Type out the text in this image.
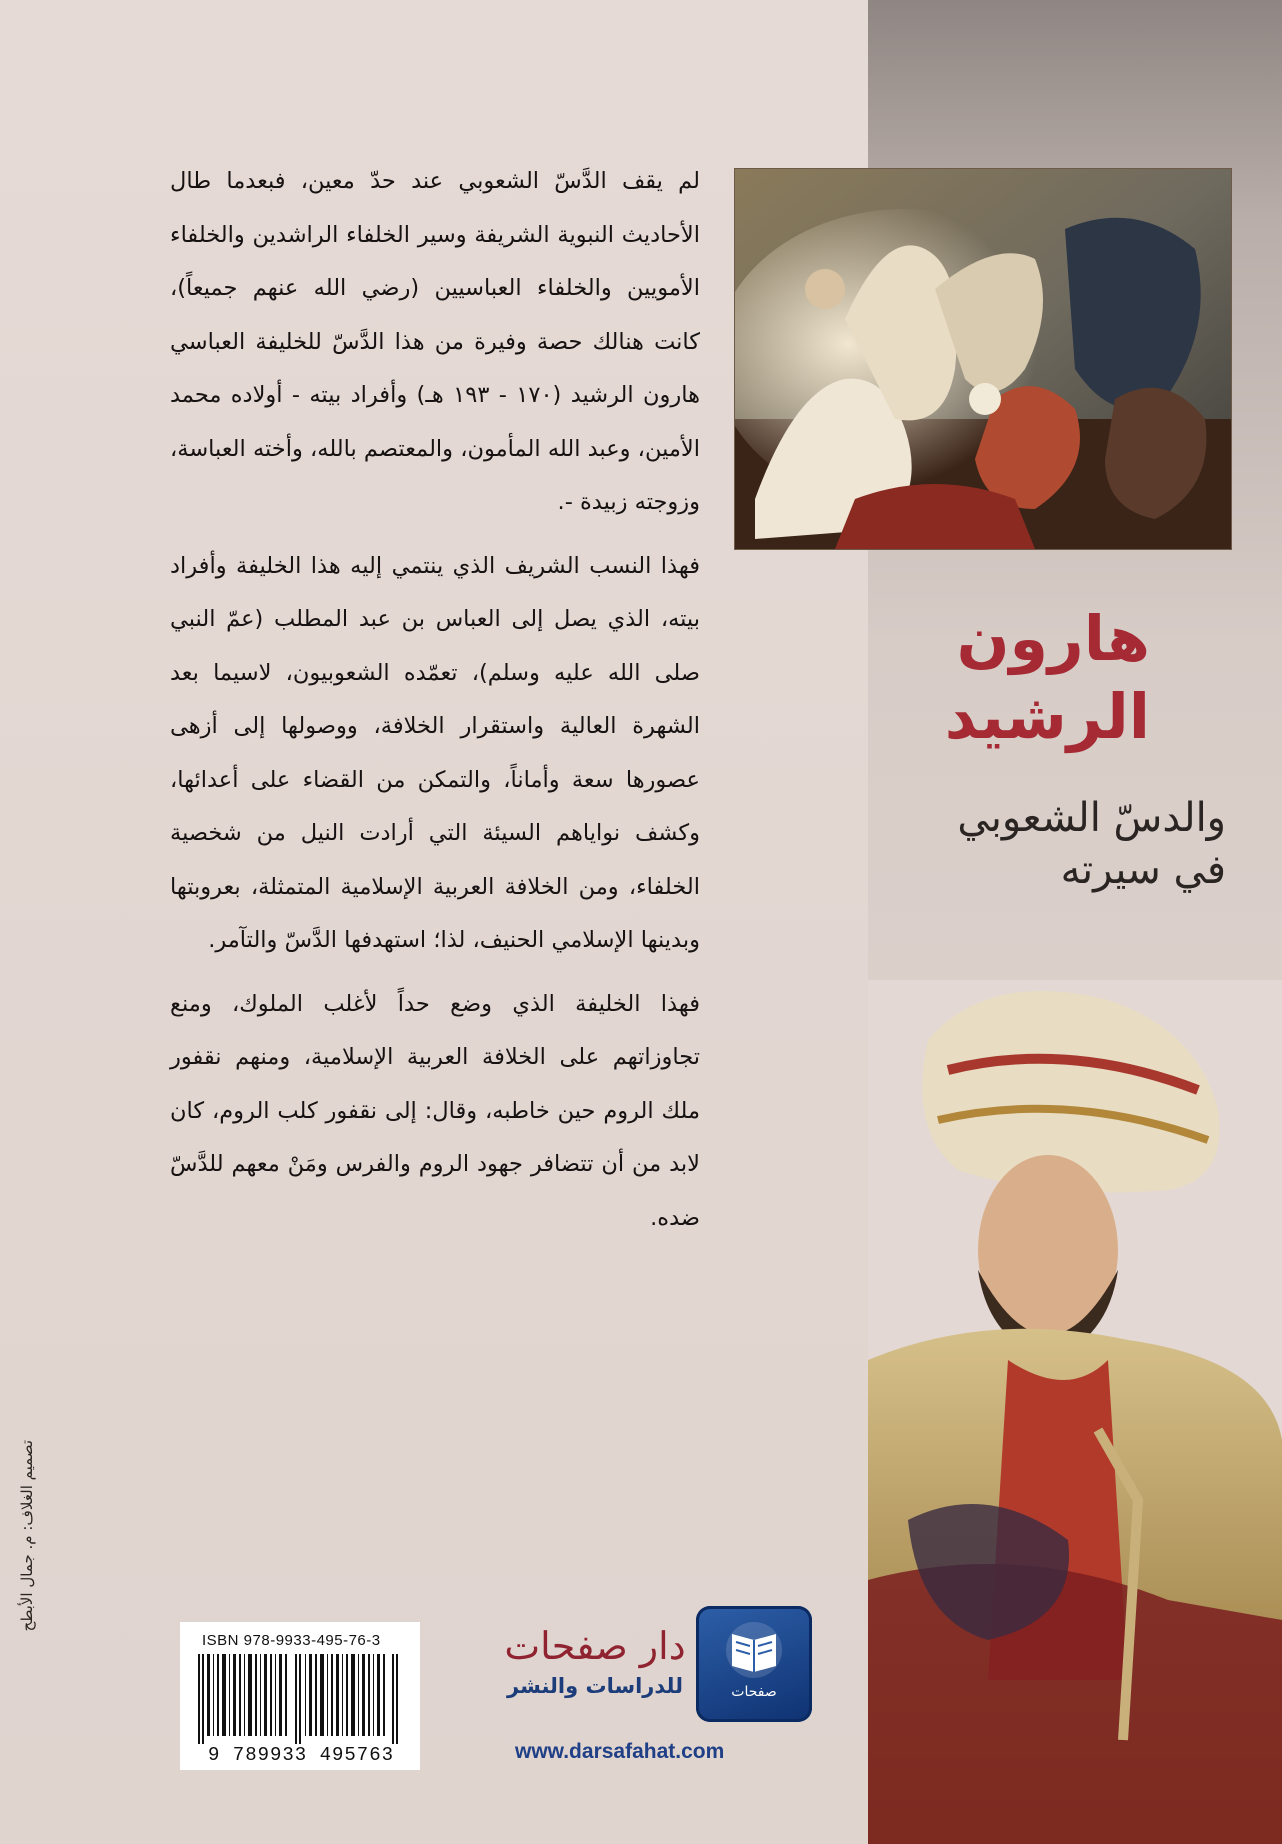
لم يقف الدَّسّ الشعوبي عند حدّ معين، فبعدما طال الأحاديث النبوية الشريفة وسير الخلفاء الراشدين والخلفاء الأمويين والخلفاء العباسيين (رضي الله عنهم جميعاً)، كانت هنالك حصة وفيرة من هذا الدَّسّ للخليفة العباسي هارون الرشيد (١٧٠ - ١٩٣ هـ) وأفراد بيته - أولاده محمد الأمين، وعبد الله المأمون، والمعتصم بالله، وأخته العباسة، وزوجته زبيدة -.

فهذا النسب الشريف الذي ينتمي إليه هذا الخليفة وأفراد بيته، الذي يصل إلى العباس بن عبد المطلب (عمّ النبي صلى الله عليه وسلم)، تعمّده الشعوبيون، لاسيما بعد الشهرة العالية واستقرار الخلافة، ووصولها إلى أزهى عصورها سعة وأماناً، والتمكن من القضاء على أعدائها، وكشف نواياهم السيئة التي أرادت النيل من شخصية الخلفاء، ومن الخلافة العربية الإسلامية المتمثلة، بعروبتها وبدينها الإسلامي الحنيف، لذا؛ استهدفها الدَّسّ والتآمر.

فهذا الخليفة الذي وضع حداً لأغلب الملوك، ومنع تجاوزاتهم على الخلافة العربية الإسلامية، ومنهم نقفور ملك الروم حين خاطبه، وقال: إلى نقفور كلب الروم، كان لابد من أن تتضافر جهود الروم والفرس ومَنْ معهم للدَّسّ ضده.

هارون
الرشيد
والدسّ الشعوبي
في سيرته
تصميم الغلاف: م. جمال الأبطح
ISBN 978-9933-495-76-3
9 789933 495763
دار صفحات
للدراسات والنشر
www.darsafahat.com
صفحات
